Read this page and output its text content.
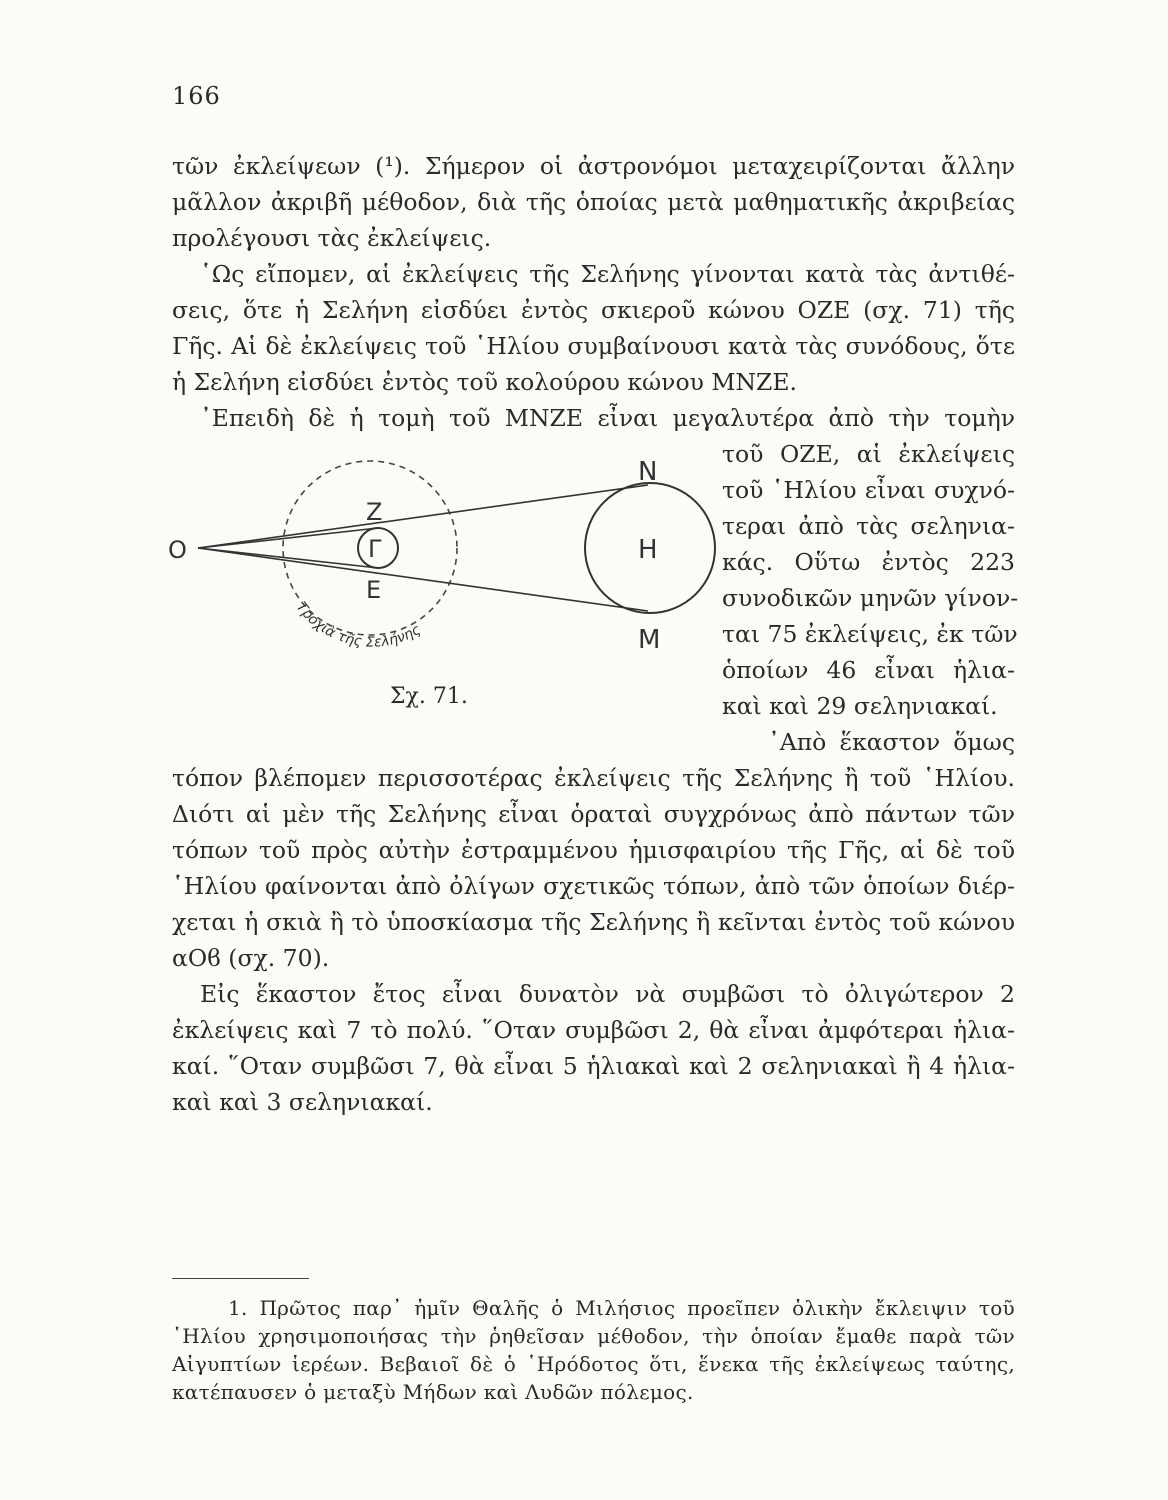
166
τῶν ἐκλείψεων (¹). Σήμερον οἱ ἀστρονόμοι μεταχειρίζονται ἄλλην
μᾶλλον ἀκριβῆ μέθοδον, διὰ τῆς ὁποίας μετὰ μαθηματικῆς ἀκριβείας
προλέγουσι τὰς ἐκλείψεις.
῾Ως εἴπομεν, αἱ ἐκλείψεις τῆς Σελήνης γίνονται κατὰ τὰς ἀντιθέ-
σεις, ὅτε ἡ Σελήνη εἰσδύει ἐντὸς σκιεροῦ κώνου ΟΖΕ (σχ. 71) τῆς
Γῆς. Αἱ δὲ ἐκλείψεις τοῦ ῾Ηλίου συμβαίνουσι κατὰ τὰς συνόδους, ὅτε
ἡ Σελήνη εἰσδύει ἐντὸς τοῦ κολούρου κώνου ΜΝΖΕ.
᾿Επειδὴ δὲ ἡ τομὴ τοῦ ΜΝΖΕ εἶναι μεγαλυτέρα ἀπὸ τὴν τομὴν
τοῦ ΟΖΕ, αἱ ἐκλείψεις
τοῦ ῾Ηλίου εἶναι συχνό-
τεραι ἀπὸ τὰς σεληνια-
κάς. Οὕτω ἐντὸς 223
συνοδικῶν μηνῶν γίνον-
ται 75 ἐκλείψεις, ἐκ τῶν
ὁποίων 46 εἶναι ἡλια-
καὶ καὶ 29 σεληνιακαί.
O
Z
Γ
E
N
H
M
Τροχιὰ τῆς Σελήνης
Σχ. 71.
᾿Απὸ ἕκαστον ὅμως
τόπον βλέπομεν περισσοτέρας ἐκλείψεις τῆς Σελήνης ἢ τοῦ ῾Ηλίου.
Διότι αἱ μὲν τῆς Σελήνης εἶναι ὁραταὶ συγχρόνως ἀπὸ πάντων τῶν
τόπων τοῦ πρὸς αὐτὴν ἐστραμμένου ἡμισφαιρίου τῆς Γῆς, αἱ δὲ τοῦ
῾Ηλίου φαίνονται ἀπὸ ὀλίγων σχετικῶς τόπων, ἀπὸ τῶν ὁποίων διέρ-
χεται ἡ σκιὰ ἢ τὸ ὑποσκίασμα τῆς Σελήνης ἢ κεῖνται ἐντὸς τοῦ κώνου
αΟϐ (σχ. 70).
Εἰς ἕκαστον ἔτος εἶναι δυνατὸν νὰ συμβῶσι τὸ ὀλιγώτερον 2
ἐκλείψεις καὶ 7 τὸ πολύ. ῞Οταν συμβῶσι 2, θὰ εἶναι ἀμφότεραι ἡλια-
καί. ῞Οταν συμβῶσι 7, θὰ εἶναι 5 ἡλιακαὶ καὶ 2 σεληνιακαὶ ἢ 4 ἡλια-
καὶ καὶ 3 σεληνιακαί.
1. Πρῶτος παρ᾿ ἡμῖν Θαλῆς ὁ Μιλήσιος προεῖπεν ὁλικὴν ἔκλειψιν τοῦ
῾Ηλίου χρησιμοποιήσας τὴν ῥηθεῖσαν μέθοδον, τὴν ὁποίαν ἔμαθε παρὰ τῶν
Αἰγυπτίων ἱερέων. Βεβαιοῖ δὲ ὁ ῾Ηρόδοτος ὅτι, ἕνεκα τῆς ἐκλείψεως ταύτης,
κατέπαυσεν ὁ μεταξὺ Μήδων καὶ Λυδῶν πόλεμος.
